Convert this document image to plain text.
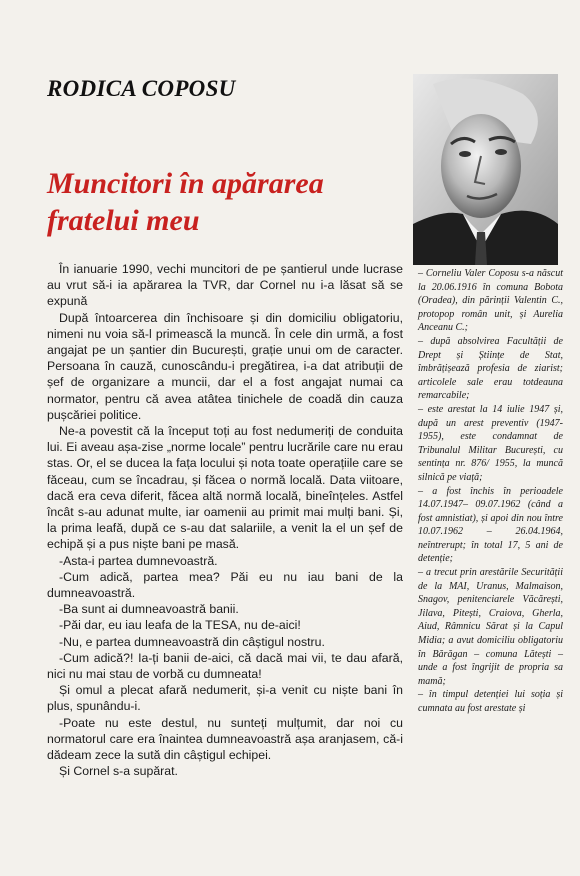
RODICA COPOSU
Muncitori în apărarea
fratelui meu

În ianuarie 1990, vechi muncitori de pe șantierul unde lucrase au vrut să-i ia apărarea la TVR, dar Cornel nu i-a lăsat să se expună

După întoarcerea din închisoare și din domiciliu obligatoriu, nimeni nu voia să-l primească la muncă. În cele din urmă, a fost angajat pe un șantier din București, grație unui om de caracter. Persoana în cauză, cunoscându-i pregătirea, i-a dat atribuții de șef de organizare a muncii, dar el a fost angajat numai ca normator, pentru că avea atâtea tinichele de coadă din cauza pușcăriei politice.

Ne-a povestit că la început toți au fost nedumeriți de conduita lui. Ei aveau așa-zise „norme locale” pentru lucrările care nu erau stas. Or, el se ducea la fața locului și nota toate operațiile care se făceau, cum se încadrau, și făcea o normă locală. Data viitoare, dacă era ceva diferit, făcea altă normă locală, bineînțeles. Astfel încât s-au adunat multe, iar oamenii au primit mai mulți bani. Și, la prima leafă, după ce s-au dat salariile, a venit la el un șef de echipă și a pus niște bani pe masă.

-Asta-i partea dumnevoastră.

-Cum adică, partea mea? Păi eu nu iau bani de la dumneavoastră.

-Ba sunt ai dumneavoastră banii.

-Păi dar, eu iau leafa de la TESA, nu de-aici!

-Nu, e partea dumneavoastră din câștigul nostru.

-Cum adică?! Ia-ți banii de-aici, că dacă mai vii, te dau afară, nici nu mai stau de vorbă cu dumneata!

Și omul a plecat afară nedumerit, și-a venit cu niște bani în plus, spunându-i.

-Poate nu este destul, nu sunteți mulțumit, dar noi cu normatorul care era înaintea dumneavoastră așa aranjasem, că-i dădeam zece la sută din câștigul echipei.

Și Cornel s-a supărat.

– Corneliu Valer Coposu s-a născut la 20.06.1916 în comuna Bobota (Oradea), din părinții Valentin C., protopop român unit, și Aurelia Anceanu C.;

– după absolvirea Facultății de Drept și Științe de Stat, îmbrățișează profesia de ziarist; articolele sale erau totdeauna remarcabile;

– este arestat la 14 iulie 1947 și, după un arest preventiv (1947-1955), este condamnat de Tribunalul Militar București, cu sentința nr. 876/ 1955, la muncă silnică pe viață;

– a fost închis în perioadele 14.07.1947– 09.07.1962 (când a fost amnistiat), și apoi din nou între 10.07.1962 – 26.04.1964, neîntrerupt; în total 17, 5 ani de detenție;

– a trecut prin arestările Securității de la MAI, Uranus, Malmaison, Snagov, penitenciarele Văcărești, Jilava, Pitești, Craiova, Gherla, Aiud, Râmnicu Sărat și la Capul Midia; a avut domiciliu obligatoriu în Bărăgan – comuna Lătești – unde a fost îngrijit de propria sa mamă;

– în timpul detenției lui soția și cumnata au fost arestate și
